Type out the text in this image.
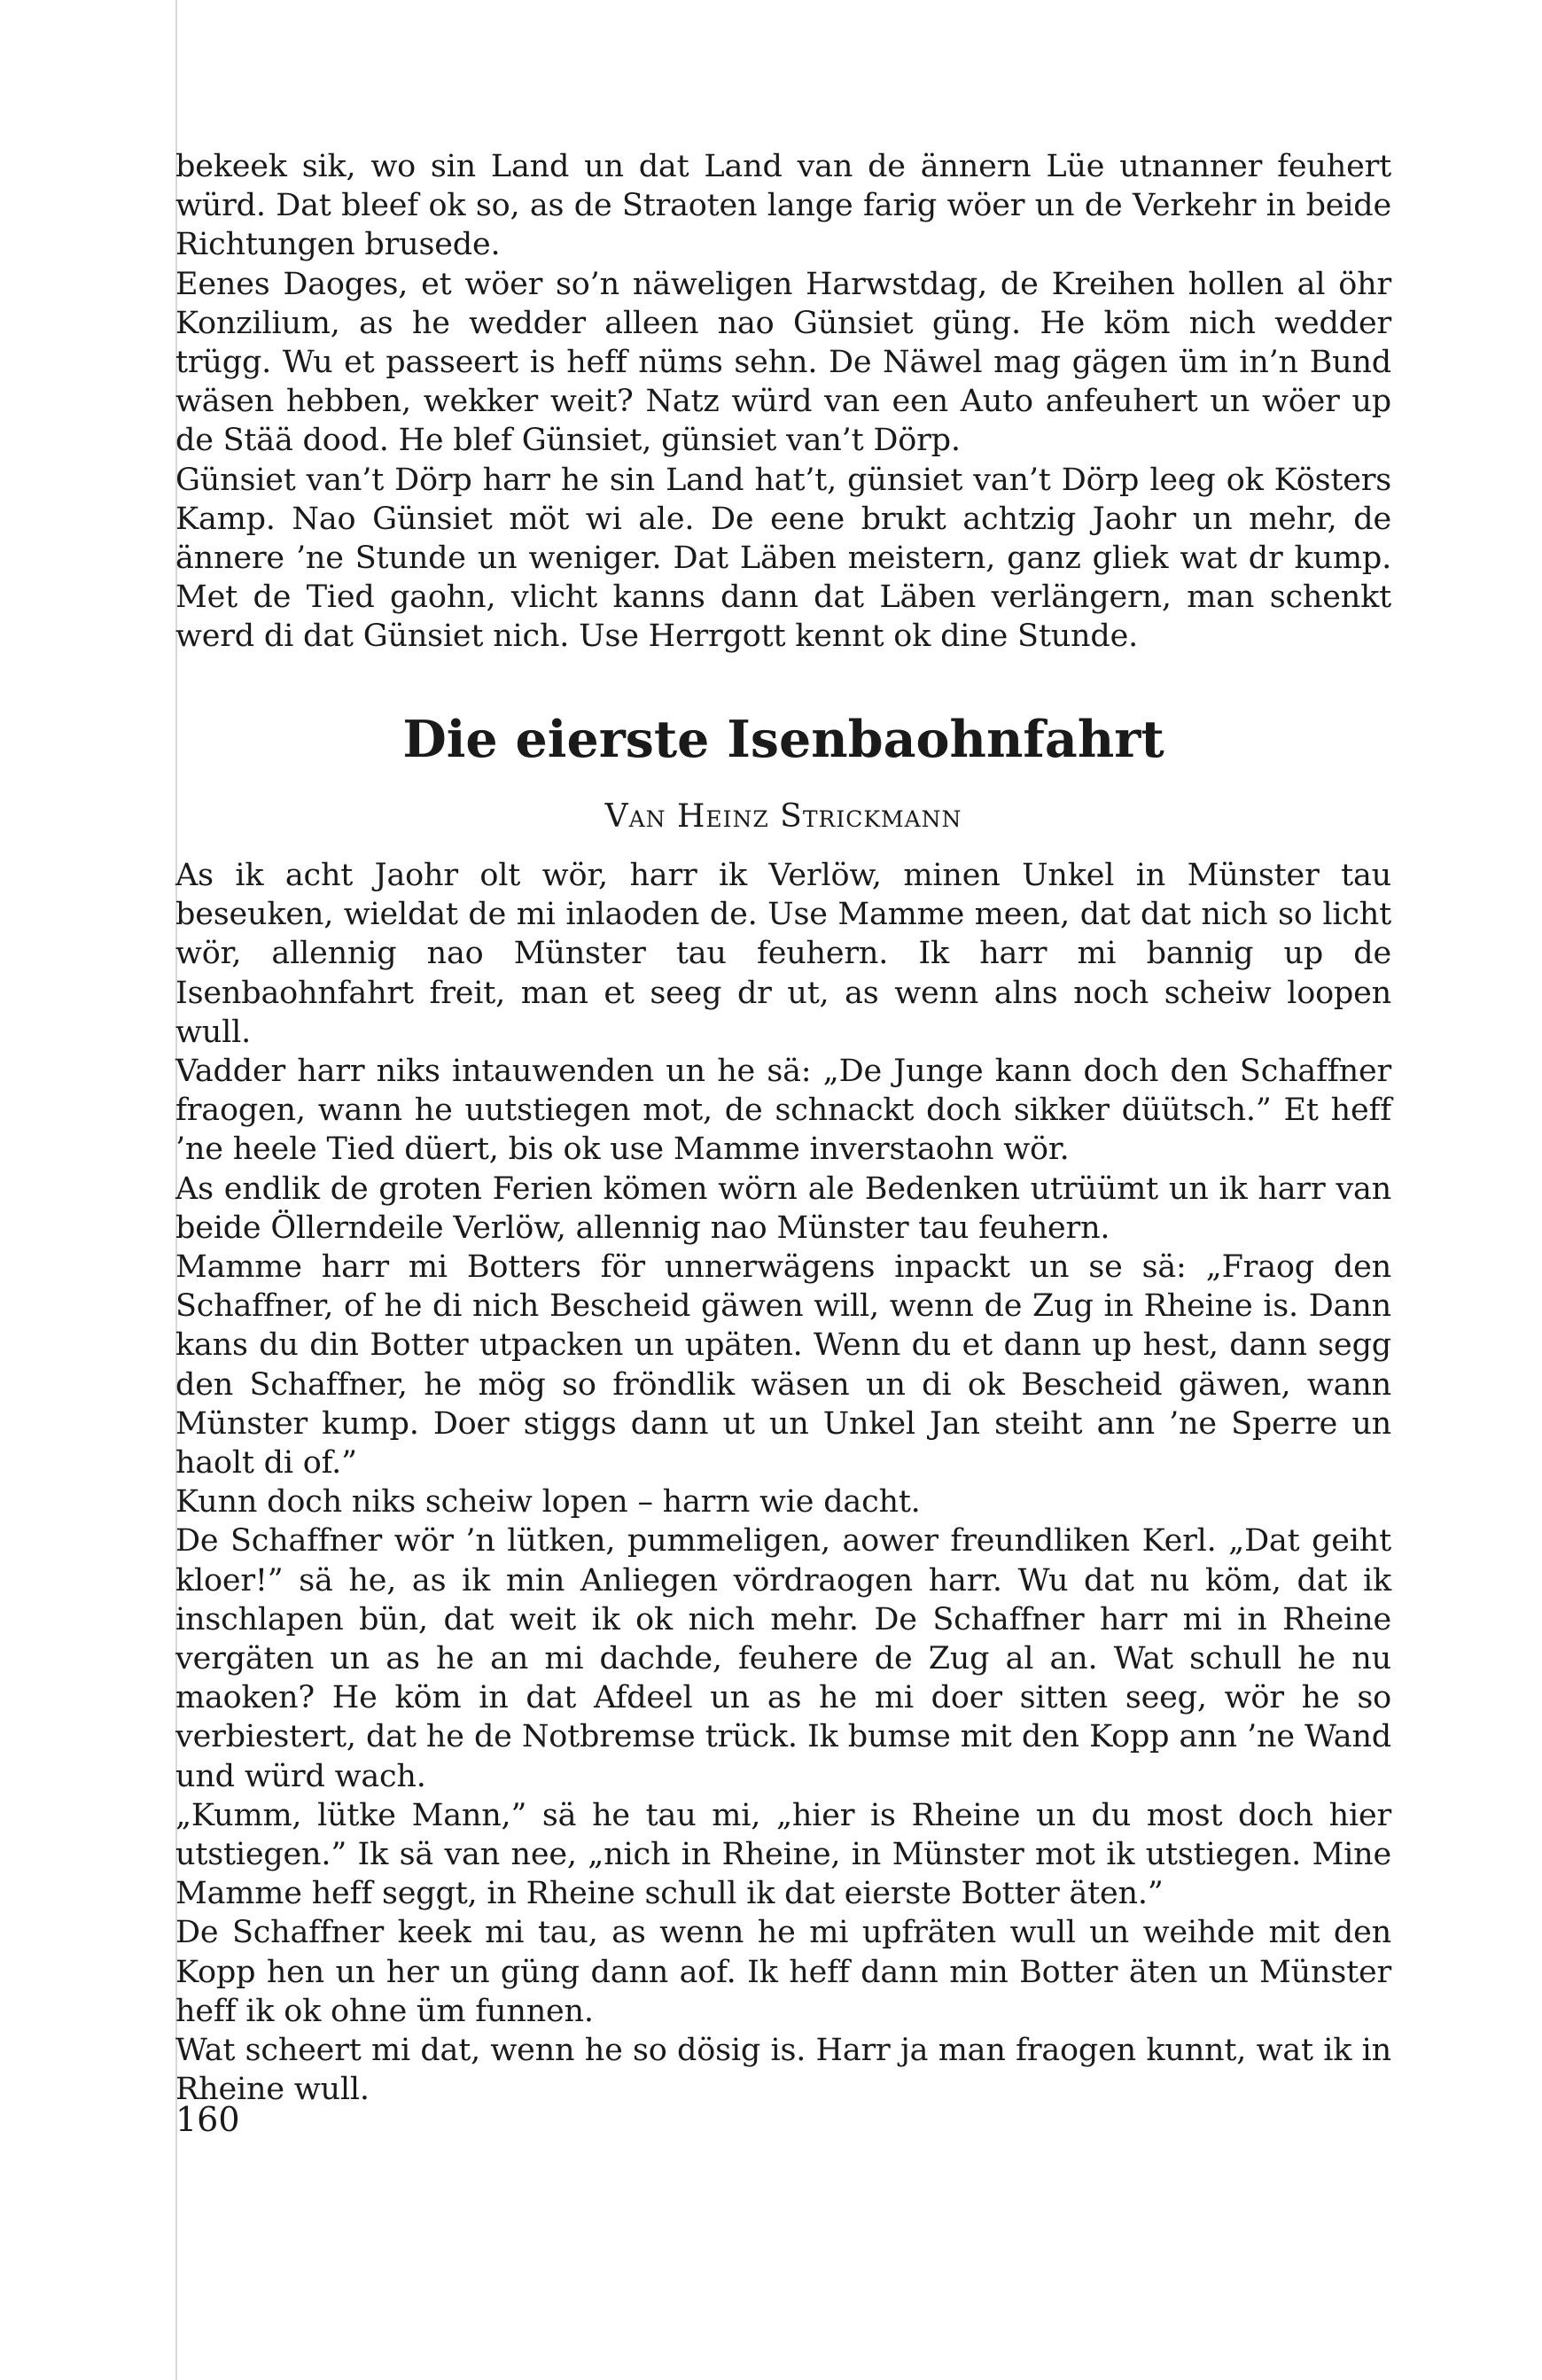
bekeek sik, wo sin Land un dat Land van de ännern Lüe utnanner feuhert würd. Dat bleef ok so, as de Straoten lange farig wöer un de Verkehr in beide Richtungen brusede.

Eenes Daoges, et wöer so’n näweligen Harwstdag, de Kreihen hollen al öhr Konzilium, as he wedder alleen nao Günsiet güng. He köm nich wedder trügg. Wu et passeert is heff nüms sehn. De Näwel mag gägen üm in’n Bund wäsen hebben, wekker weit? Natz würd van een Auto anfeuhert un wöer up de Stää dood. He blef Günsiet, günsiet van’t Dörp.

Günsiet van’t Dörp harr he sin Land hat’t, günsiet van’t Dörp leeg ok Kösters Kamp. Nao Günsiet möt wi ale. De eene brukt achtzig Jaohr un mehr, de ännere ’ne Stunde un weniger. Dat Läben meistern, ganz gliek wat dr kump. Met de Tied gaohn, vlicht kanns dann dat Läben verlängern, man schenkt werd di dat Günsiet nich. Use Herrgott kennt ok dine Stunde.

Die eierste Isenbaohnfahrt
Van Heinz Strickmann

As ik acht Jaohr olt wör, harr ik Verlöw, minen Unkel in Münster tau beseuken, wieldat de mi inlaoden de. Use Mamme meen, dat dat nich so licht wör, allennig nao Münster tau feuhern. Ik harr mi bannig up de Isenbaohnfahrt freit, man et seeg dr ut, as wenn alns noch scheiw loopen wull.

Vadder harr niks intauwenden un he sä: „De Junge kann doch den Schaffner fraogen, wann he uutstiegen mot, de schnackt doch sikker düütsch.” Et heff ’ne heele Tied düert, bis ok use Mamme inverstaohn wör.

As endlik de groten Ferien kömen wörn ale Bedenken utrüümt un ik harr van beide Öllerndeile Verlöw, allennig nao Münster tau feuhern.

Mamme harr mi Botters för unnerwägens inpackt un se sä: „Fraog den Schaffner, of he di nich Bescheid gäwen will, wenn de Zug in Rheine is. Dann kans du din Botter utpacken un upäten. Wenn du et dann up hest, dann segg den Schaffner, he mög so fröndlik wäsen un di ok Bescheid gäwen, wann Münster kump. Doer stiggs dann ut un Unkel Jan steiht ann ’ne Sperre un haolt di of.”

Kunn doch niks scheiw lopen – harrn wie dacht.

De Schaffner wör ’n lütken, pummeligen, aower freundliken Kerl. „Dat geiht kloer!” sä he, as ik min Anliegen vördraogen harr. Wu dat nu köm, dat ik inschlapen bün, dat weit ik ok nich mehr. De Schaffner harr mi in Rheine vergäten un as he an mi dachde, feuhere de Zug al an. Wat schull he nu maoken? He köm in dat Afdeel un as he mi doer sitten seeg, wör he so verbiestert, dat he de Notbremse trück. Ik bumse mit den Kopp ann ’ne Wand und würd wach.

„Kumm, lütke Mann,” sä he tau mi, „hier is Rheine un du most doch hier utstiegen.” Ik sä van nee, „nich in Rheine, in Münster mot ik utstiegen. Mine Mamme heff seggt, in Rheine schull ik dat eierste Botter äten.”

De Schaffner keek mi tau, as wenn he mi upfräten wull un weihde mit den Kopp hen un her un güng dann aof. Ik heff dann min Botter äten un Münster heff ik ok ohne üm funnen.

Wat scheert mi dat, wenn he so dösig is. Harr ja man fraogen kunnt, wat ik in Rheine wull.

160
